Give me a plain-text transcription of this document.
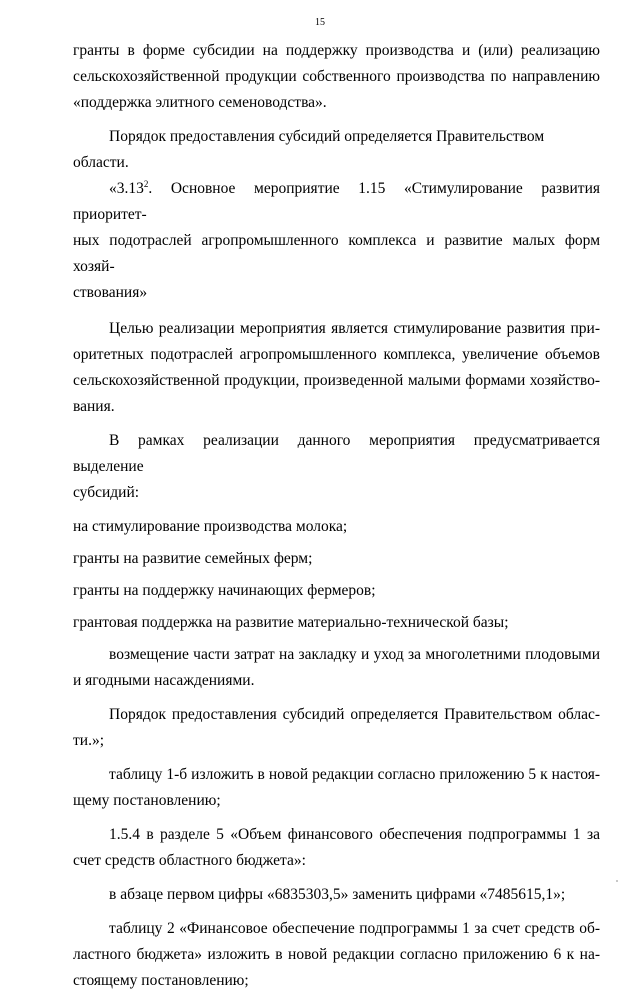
15

гранты в форме субсидии на поддержку производства и (или) реализацию

сельскохозяйственной продукции собственного производства по направлению

«поддержка элитного семеноводства».

Порядок предоставления субсидий определяется Правительством области.

«3.13$^2$. Основное мероприятие 1.15 «Стимулирование развития приоритет-

ных подотраслей агропромышленного комплекса и развитие малых форм хозяй-

ствования»

Целью реализации мероприятия является стимулирование развития при-

оритетных подотраслей агропромышленного комплекса, увеличение объемов

сельскохозяйственной продукции, произведенной малыми формами хозяйство-

вания.

В рамках реализации данного мероприятия предусматривается выделение

субсидий:

на стимулирование производства молока;

гранты на развитие семейных ферм;

гранты на поддержку начинающих фермеров;

грантовая поддержка на развитие материально-технической базы;

возмещение части затрат на закладку и уход за многолетними плодовыми

и ягодными насаждениями.

Порядок предоставления субсидий определяется Правительством облас-

ти.»;

таблицу 1-б изложить в новой редакции согласно приложению 5 к настоя-

щему постановлению;

1.5.4 в разделе 5 «Объем финансового обеспечения подпрограммы 1 за

счет средств областного бюджета»:

в абзаце первом цифры «6835303,5» заменить цифрами «7485615,1»;

таблицу 2 «Финансовое обеспечение подпрограммы 1 за счет средств об-

ластного бюджета» изложить в новой редакции согласно приложению 6 к на-

стоящему постановлению;
